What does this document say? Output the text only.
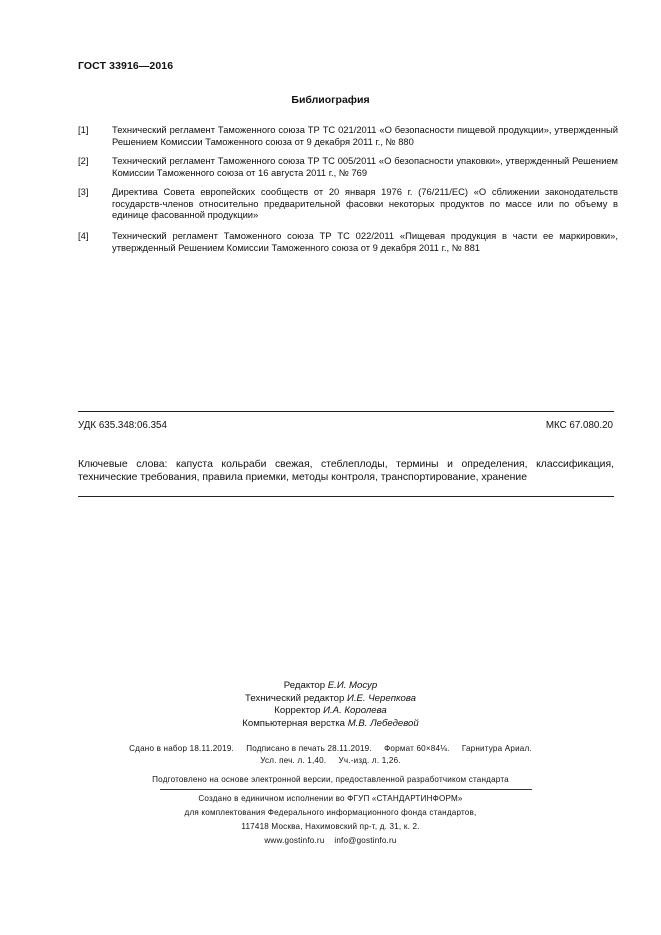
ГОСТ 33916—2016
Библиография
[1]	Технический регламент Таможенного союза ТР ТС 021/2011 «О безопасности пищевой продукции», утвержденный Решением Комиссии Таможенного союза от 9 декабря 2011 г., № 880
[2]	Технический регламент Таможенного союза ТР ТС 005/2011 «О безопасности упаковки», утвержденный Решением Комиссии Таможенного союза от 16 августа 2011 г., № 769
[3]	Директива Совета европейских сообществ от 20 января 1976 г. (76/211/ЕС) «О сближении законодательств государств-членов относительно предварительной фасовки некоторых продуктов по массе или по объему в единице фасованной продукции»
[4]	Технический регламент Таможенного союза ТР ТС 022/2011 «Пищевая продукция в части ее маркировки», утвержденный Решением Комиссии Таможенного союза от 9 декабря 2011 г., № 881
УДК 635.348:06.354	МКС 67.080.20
Ключевые слова: капуста кольраби свежая, стеблеплоды, термины и определения, классификация, технические требования, правила приемки, методы контроля, транспортирование, хранение
Редактор Е.И. Мосур
Технический редактор И.Е. Черепкова
Корректор И.А. Королева
Компьютерная верстка М.В. Лебедевой
Сдано в набор 18.11.2019. Подписано в печать 28.11.2019. Формат 60×84⅛. Гарнитура Ариал.
Усл. печ. л. 1,40. Уч.-изд. л. 1,26.
Подготовлено на основе электронной версии, предоставленной разработчиком стандарта
Создано в единичном исполнении во ФГУП «СТАНДАРТИНФОРМ»
для комплектования Федерального информационного фонда стандартов,
117418 Москва, Нахимовский пр-т, д. 31, к. 2.
www.gostinfo.ru info@gostinfo.ru
